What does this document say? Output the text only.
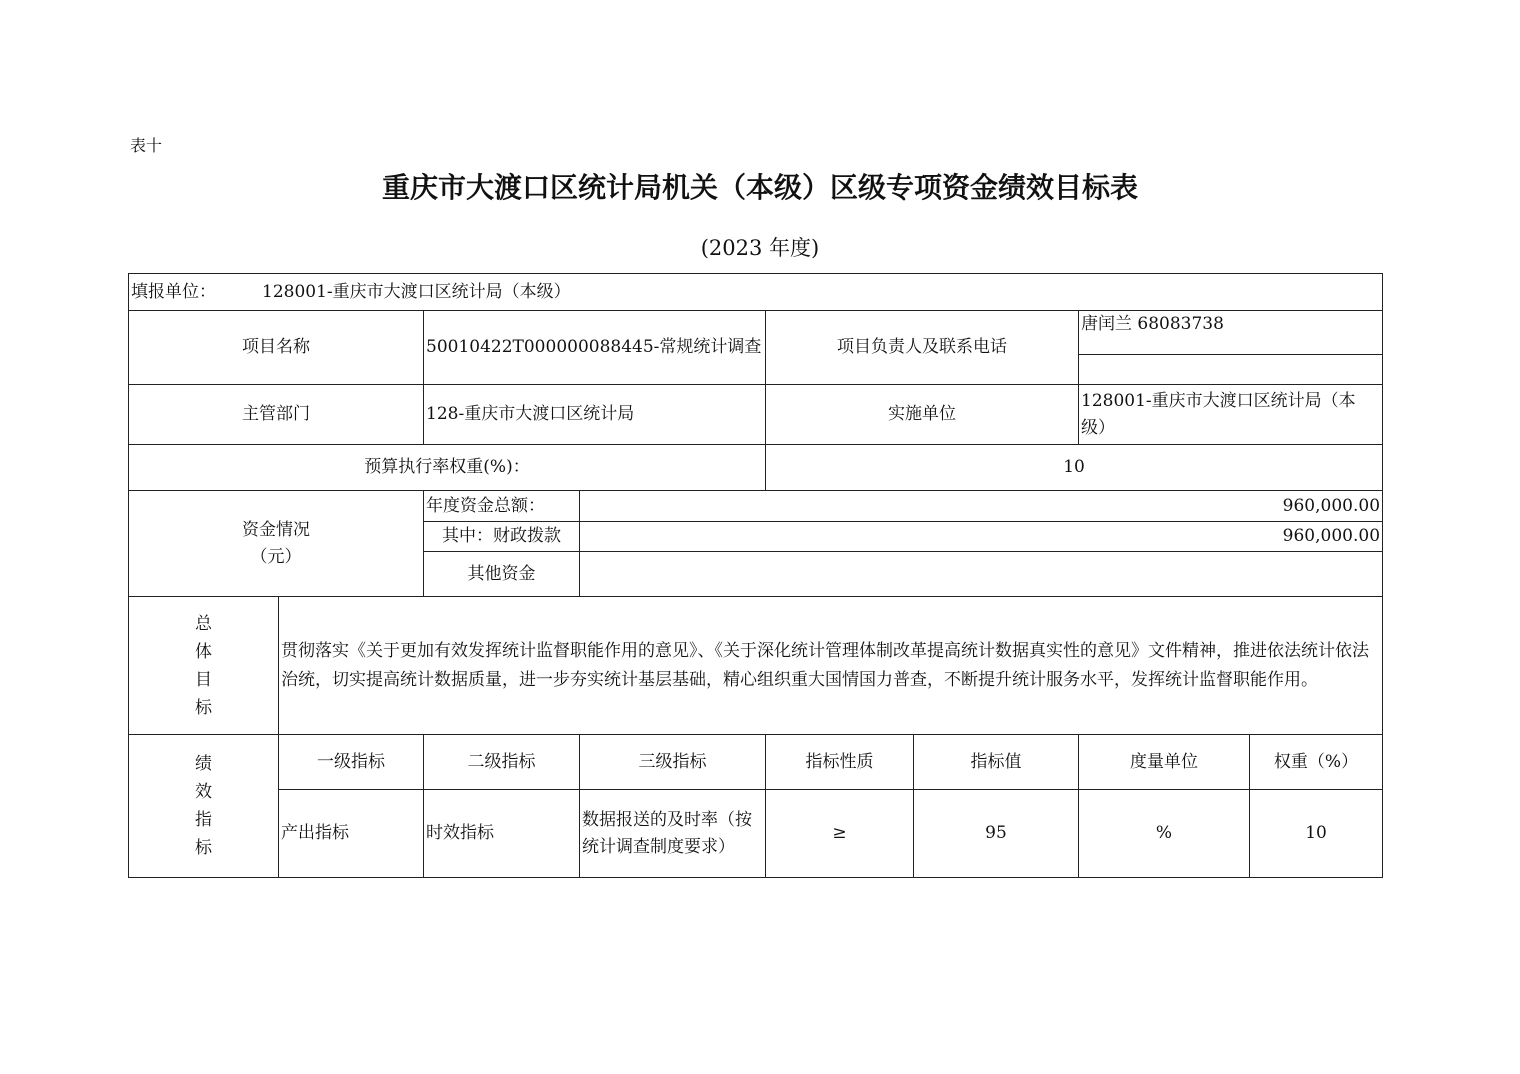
表十
重庆市大渡口区统计局机关（本级）区级专项资金绩效目标表
(2023 年度)
填报单位： 128001-重庆市大渡口区统计局（本级）							
项目名称		50010422T000000088445-常规统计调查		项目负责人及联系电话		唐闰兰 68083738	

主管部门		128-重庆市大渡口区统计局		实施单位		128001-重庆市大渡口区统计局（本级）	
预算执行率权重(%)：				10			

资金情况
（元）		年度资金总额：	960,000.00				
		其中：财政拨款	960,000.00				
		其他资金					

总
体
目
标	贯彻落实《关于更加有效发挥统计监督职能作用的意见》、《关于深化统计管理体制改革提高统计数据真实性的意见》文件精神，推进依法统计依法治统，切实提高统计数据质量，进一步夯实统计基层基础，精心组织重大国情国力普查，不断提升统计服务水平，发挥统计监督职能作用。						

绩
效
指
标	一级指标	二级指标	三级指标	指标性质	指标值	度量单位	权重（%）
	产出指标	时效指标	数据报送的及时率（按统计调查制度要求）	≥	95	%	10
